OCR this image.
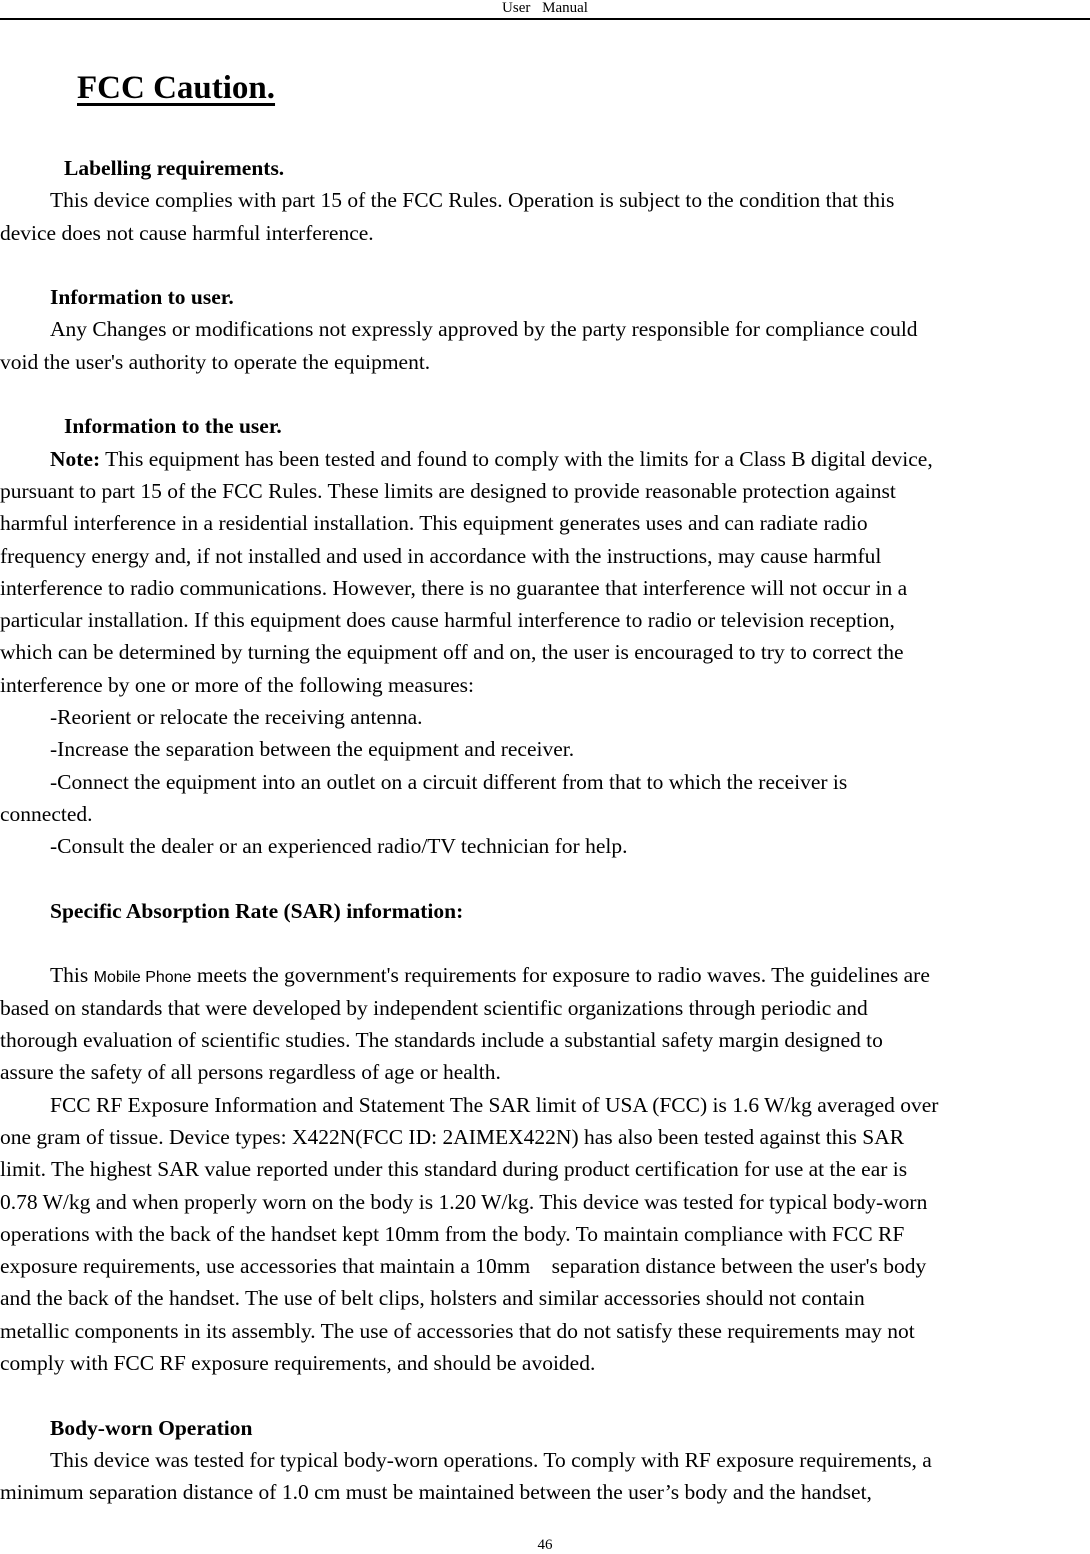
User Manual
FCC Caution.
Labelling requirements.
This device complies with part 15 of the FCC Rules. Operation is subject to the condition that this
device does not cause harmful interference.
Information to user.
Any Changes or modifications not expressly approved by the party responsible for compliance could
void the user's authority to operate the equipment.
Information to the user.
Note: This equipment has been tested and found to comply with the limits for a Class B digital device,
pursuant to part 15 of the FCC Rules. These limits are designed to provide reasonable protection against
harmful interference in a residential installation. This equipment generates uses and can radiate radio
frequency energy and, if not installed and used in accordance with the instructions, may cause harmful
interference to radio communications. However, there is no guarantee that interference will not occur in a
particular installation. If this equipment does cause harmful interference to radio or television reception,
which can be determined by turning the equipment off and on, the user is encouraged to try to correct the
interference by one or more of the following measures:
-Reorient or relocate the receiving antenna.
-Increase the separation between the equipment and receiver.
-Connect the equipment into an outlet on a circuit different from that to which the receiver is
connected.
-Consult the dealer or an experienced radio/TV technician for help.
Specific Absorption Rate (SAR) information:
This Mobile Phone meets the government's requirements for exposure to radio waves. The guidelines are
based on standards that were developed by independent scientific organizations through periodic and
thorough evaluation of scientific studies. The standards include a substantial safety margin designed to
assure the safety of all persons regardless of age or health.
FCC RF Exposure Information and Statement The SAR limit of USA (FCC) is 1.6 W/kg averaged over
one gram of tissue. Device types: X422N(FCC ID: 2AIMEX422N) has also been tested against this SAR
limit. The highest SAR value reported under this standard during product certification for use at the ear is
0.78 W/kg and when properly worn on the body is 1.20 W/kg. This device was tested for typical body-worn
operations with the back of the handset kept 10mm from the body. To maintain compliance with FCC RF
exposure requirements, use accessories that maintain a 10mm    separation distance between the user's body
and the back of the handset. The use of belt clips, holsters and similar accessories should not contain
metallic components in its assembly. The use of accessories that do not satisfy these requirements may not
comply with FCC RF exposure requirements, and should be avoided.
Body-worn Operation
This device was tested for typical body-worn operations. To comply with RF exposure requirements, a
minimum separation distance of 1.0 cm must be maintained between the user’s body and the handset,
46
